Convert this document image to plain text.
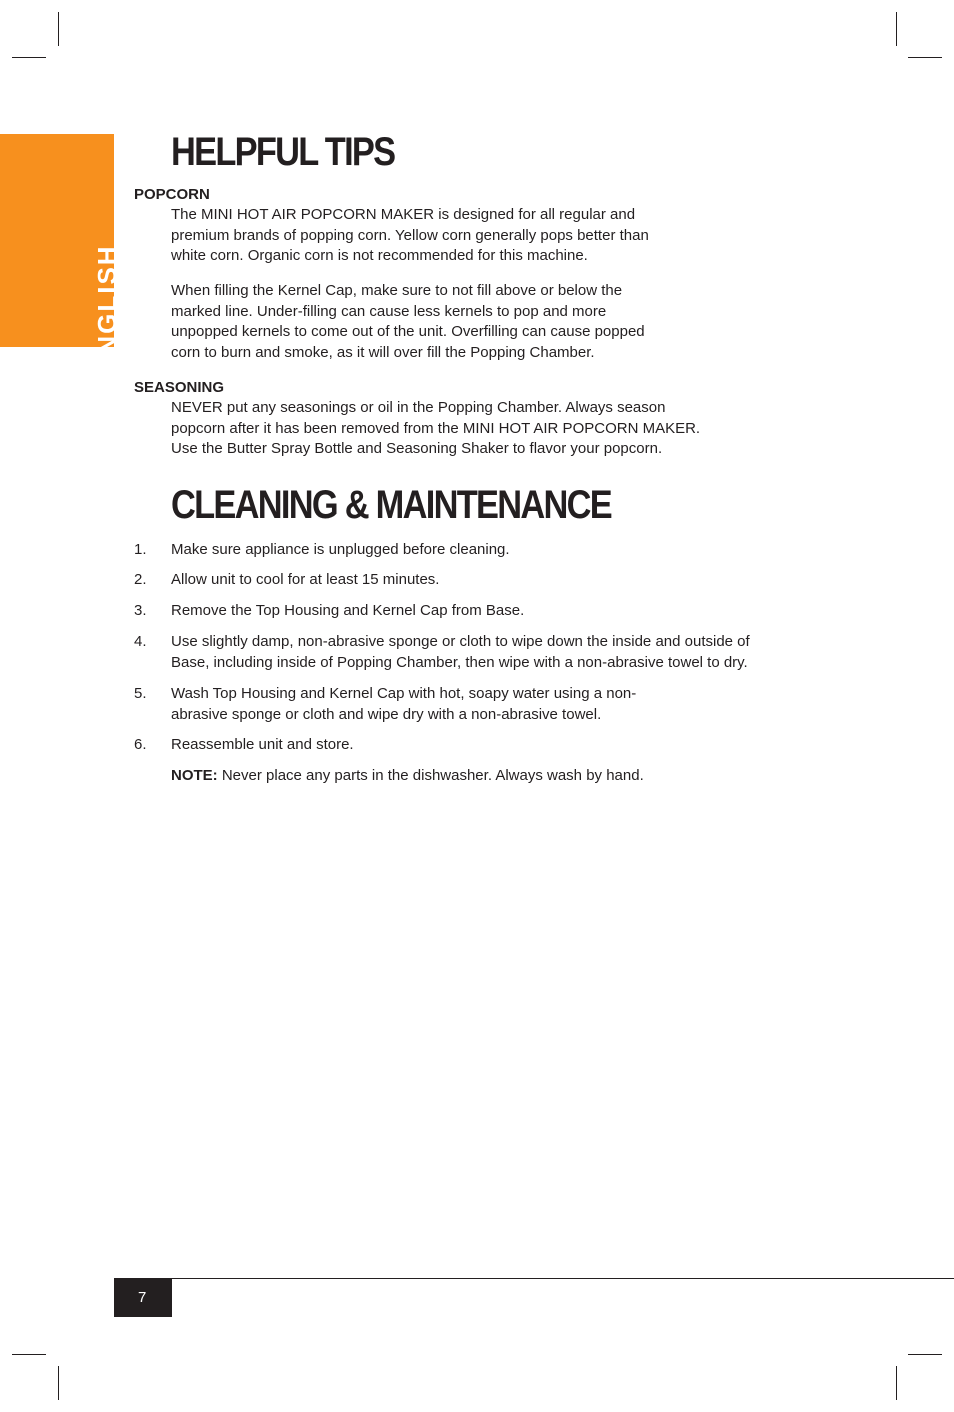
ENGLISH
HELPFUL TIPS
POPCORN

The MINI HOT AIR POPCORN MAKER is designed for all regular and
premium brands of popping corn. Yellow corn generally pops better than
white corn. Organic corn is not recommended for this machine.

When filling the Kernel Cap, make sure to not fill above or below the
marked line. Under-filling can cause less kernels to pop and more
unpopped kernels to come out of the unit. Overfilling can cause popped
corn to burn and smoke, as it will over fill the Popping Chamber.

SEASONING

NEVER put any seasonings or oil in the Popping Chamber. Always season
popcorn after it has been removed from the MINI HOT AIR POPCORN MAKER.
Use the Butter Spray Bottle and Seasoning Shaker to flavor your popcorn.

CLEANING & MAINTENANCE
1.	Make sure appliance is unplugged before cleaning.
2.	Allow unit to cool for at least 15 minutes.
3.	Remove the Top Housing and Kernel Cap from Base.
4.	Use slightly damp, non-abrasive sponge or cloth to wipe down the inside and outside of
Base, including inside of Popping Chamber, then wipe with a non-abrasive towel to dry.
5.	Wash Top Housing and Kernel Cap with hot, soapy water using a non-
abrasive sponge or cloth and wipe dry with a non-abrasive towel.
6.	Reassemble unit and store.
NOTE: Never place any parts in the dishwasher. Always wash by hand.
7
